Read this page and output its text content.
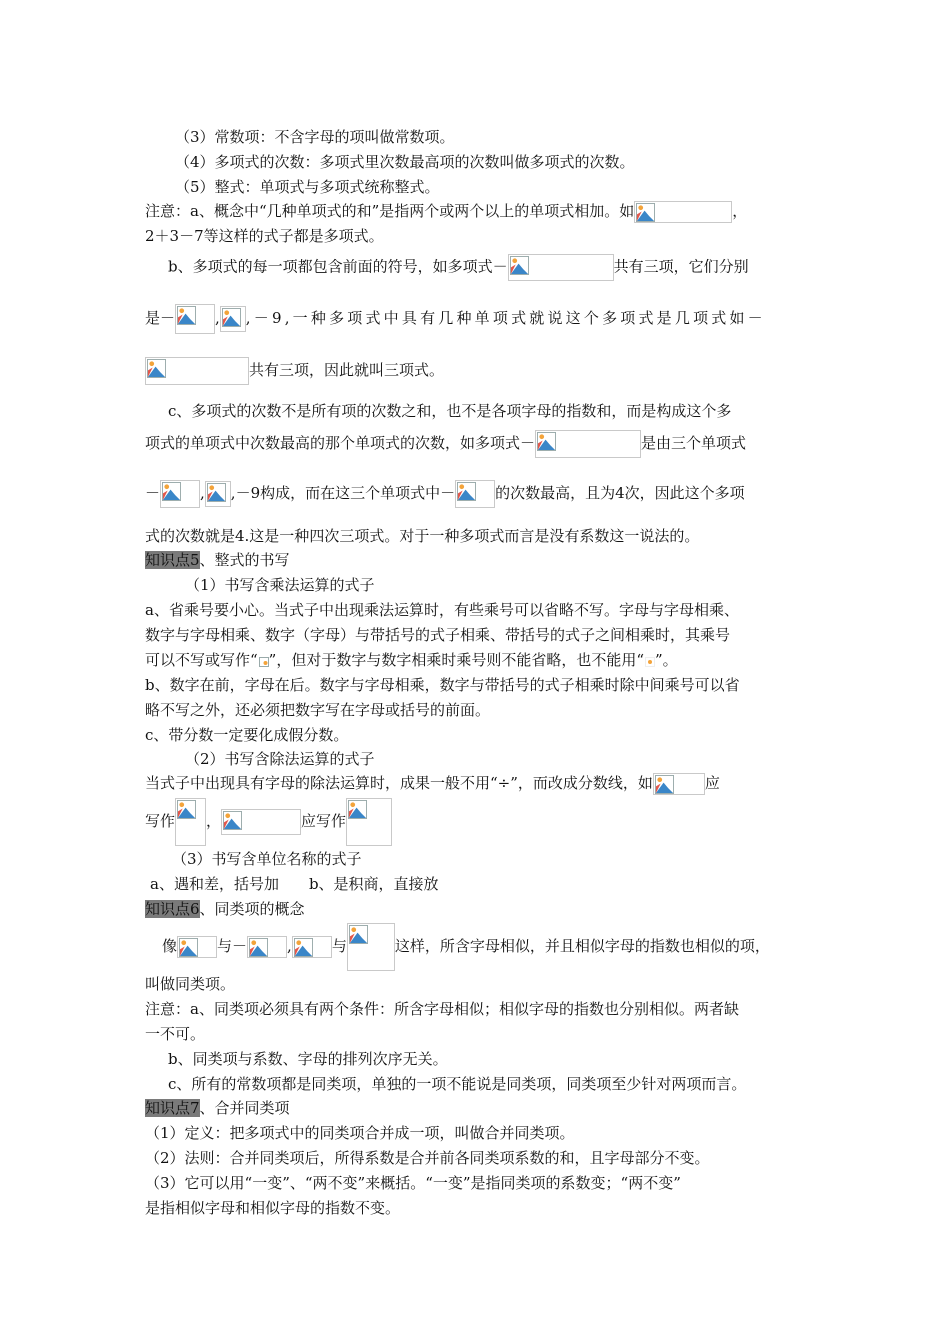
（3）常数项：不含字母的项叫做常数项。
（4）多项式的次数：多项式里次数最高项的次数叫做多项式的次数。
（5）整式：单项式与多项式统称整式。
注意：a、概念中“几种单项式的和”是指两个或两个以上的单项式相加。如	，
2＋3－7等这样的式子都是多项式。
b、多项式的每一项都包含前面的符号，如多项式－	共有三项，它们分别
是－	, ,－9,一种多项式中具有几种单项式就说这个多项式是几项式如－
共有三项，因此就叫三项式。
c、多项式的次数不是所有项的次数之和，也不是各项字母的指数和，而是构成这个多
项式的单项式中次数最高的那个单项式的次数，如多项式－	是由三个单项式
－	, ,－9构成，而在这三个单项式中－	的次数最高，且为4次，因此这个多项
式的次数就是4.这是一种四次三项式。对于一种多项式而言是没有系数这一说法的。
知识点5、整式的书写
（1）书写含乘法运算的式子
a、省乘号要小心。当式子中出现乘法运算时，有些乘号可以省略不写。字母与字母相乘、
数字与字母相乘、数字（字母）与带括号的式子相乘、带括号的式子之间相乘时，其乘号
可以不写或写作“ ”，但对于数字与数字相乘时乘号则不能省略，也不能用“ ”。
b、数字在前，字母在后。数字与字母相乘，数字与带括号的式子相乘时除中间乘号可以省
略不写之外，还必须把数字写在字母或括号的前面。
c、带分数一定要化成假分数。
（2）书写含除法运算的式子
当式子中出现具有字母的除法运算时，成果一般不用“÷”，而改成分数线，如	应
写作 ，	应写作
（3）书写含单位名称的式子
a、遇和差，括号加　　b、是积商，直接放
知识点6、同类项的概念
像	与－	,	与	这样，所含字母相似，并且相似字母的指数也相似的项，
叫做同类项。
注意：a、同类项必须具有两个条件：所含字母相似；相似字母的指数也分别相似。两者缺
一不可。
b、同类项与系数、字母的排列次序无关。
c、所有的常数项都是同类项，单独的一项不能说是同类项，同类项至少针对两项而言。
知识点7、合并同类项
（1）定义：把多项式中的同类项合并成一项，叫做合并同类项。
（2）法则：合并同类项后，所得系数是合并前各同类项系数的和，且字母部分不变。
（3）它可以用“一变”、“两不变”来概括。“一变”是指同类项的系数变；“两不变”
是指相似字母和相似字母的指数不变。
